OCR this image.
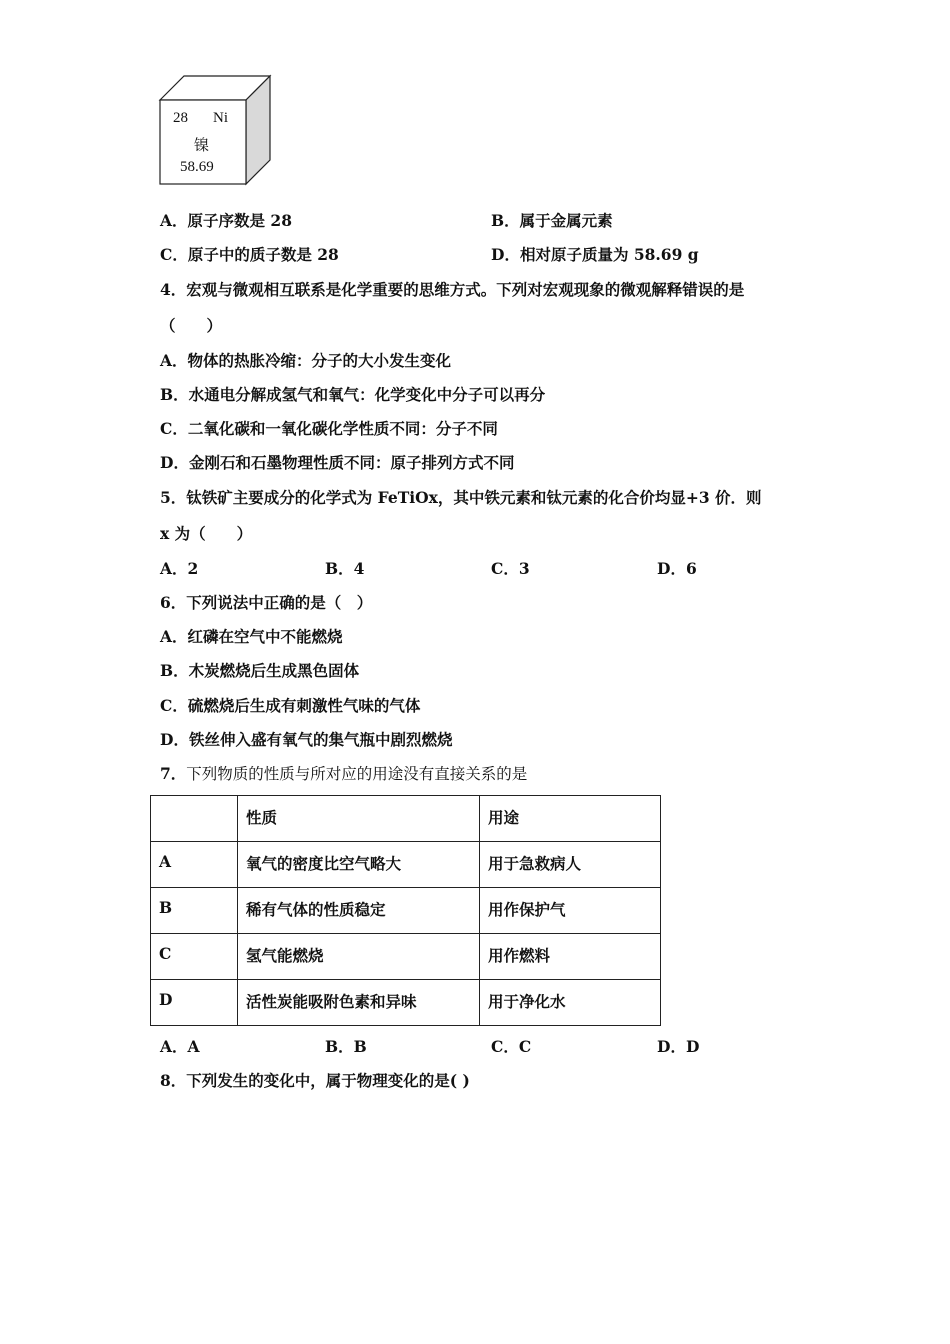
28 Ni
镍
58.69
A．原子序数是 28	B．属于金属元素
C．原子中的质子数是 28	D．相对原子质量为 58.69 g
4．宏观与微观相互联系是化学重要的思维方式。下列对宏观现象的微观解释错误的是
（　　）
A．物体的热胀冷缩：分子的大小发生变化
B．水通电分解成氢气和氧气：化学变化中分子可以再分
C．二氧化碳和一氧化碳化学性质不同：分子不同
D．金刚石和石墨物理性质不同：原子排列方式不同
5．钛铁矿主要成分的化学式为 FeTiOx，其中铁元素和钛元素的化合价均显+3 价．则
x 为（　　）
A．2	B．4	C．3	D．6
6．下列说法中正确的是（　）
A．红磷在空气中不能燃烧
B．木炭燃烧后生成黑色固体
C．硫燃烧后生成有刺激性气味的气体
D．铁丝伸入盛有氧气的集气瓶中剧烈燃烧
7．下列物质的性质与所对应的用途没有直接关系的是
	性质	用途
A	氧气的密度比空气略大	用于急救病人
B	稀有气体的性质稳定	用作保护气
C	氢气能燃烧	用作燃料
D	活性炭能吸附色素和异味	用于净化水
A．A	B．B	C．C	D．D
8．下列发生的变化中，属于物理变化的是( )
